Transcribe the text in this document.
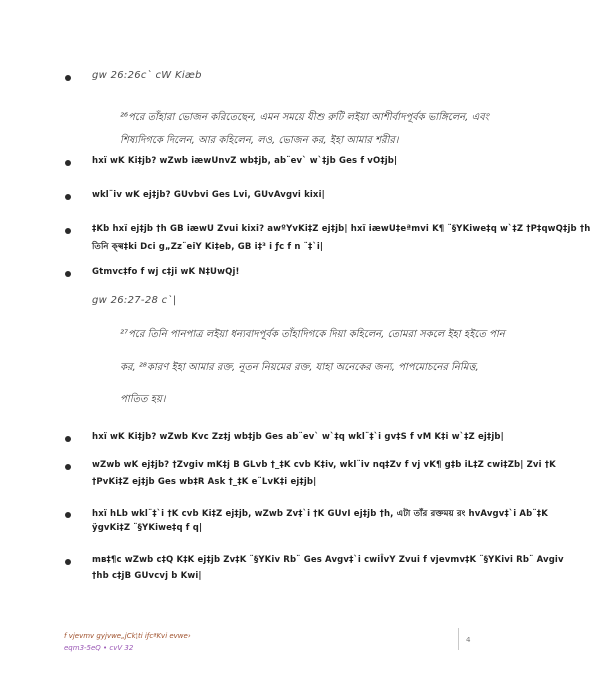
gw 26:26c` cW Kiæb
²⁶পরে তাঁহারা ভোজন করিতেছেন, এমন সময়ে যীশু রুটি লইয়া আশীর্বাদপূর্বক ভাঙ্গিলেন, এবং
শিষ্যদিগকে দিলেন, আর কহিলেন, লও, ভোজন কর, ইহা আমার শরীর।
hxï wK Ki‡jb? wZwb iæwUnvZ wb‡jb, ab¨ev` w`‡jb Ges f vO‡jb|
wkl¨iv wK ej‡jb? GUvbvi Ges Lvi, GUvAvgvi kixi|
‡Kb hxï ej‡jb †h GB iæwU Zvui kixi? awºYvKi‡Z ej‡jb| hxï iæwU‡eªmvi K¶ ¨§YKiwe‡q w`‡Z †P‡qwQ‡jb †h
তিনি ক্ল্ব‡ki Dci g„Zz¨eiY Ki‡eb, GB i‡³ i ƒc f n ¨‡`i|
Gtmvc‡fo f wj c‡ji wK N‡UwQj!
gw 26:27-28 c`|
²⁷পরে তিনি পানপাত্র লইয়া ধন্যবাদপূর্বক তাঁহাদিগকে দিয়া কহিলেন, তোমরা সকলে ইহা হইতে পান
কর, ²⁸কারণ ইহা আমার রক্ত, নূতন নিয়মের রক্ত, যাহা অনেকের জন্য, পাপমোচনের নিমিত্ত,
পাতিত হয়।
hxï wK Ki‡jb? wZwb Kvc Zz‡j wb‡jb Ges ab¨ev` w`‡q wkl¨‡`i gv‡S f vM K‡i w`‡Z ej‡jb|
wZwb wK ej‡jb? †Zvgiv mK‡j B GLvb †_‡K cvb K‡iv, wkl¨iv nq‡Zv f vj vK¶ g‡b iL‡Z cwi‡Zb| Zvi †K
†PvKi‡Z ej‡jb Ges wb‡R Ask †_‡K e¨LvK‡i ej‡jb|
hxï hLb wkl¨‡`i †K cvb Ki‡Z ej‡jb, wZwb Zv‡`i †K GUvI ej‡jb †h, এটা তাঁর রক্তময় রং hvAvgv‡`i Ab¨‡K
ÿgvKi‡Z ¨§YKiwe‡q f q|
mв‡¶c wZwb c‡Q K‡K ej‡jb Zv‡K ¨§YKiv Rb¨ Ges Avgv‡`i cwiÎvY Zvui f vjevmv‡K ¨§YKivi Rb¨ Avgiv
†hb c‡jB GUvcvj b Kwi|
f vjevmv gyjvwe„jCk¦ti iƒcªKvi evwe›
eqm3-5eQ • cvV 32
4
